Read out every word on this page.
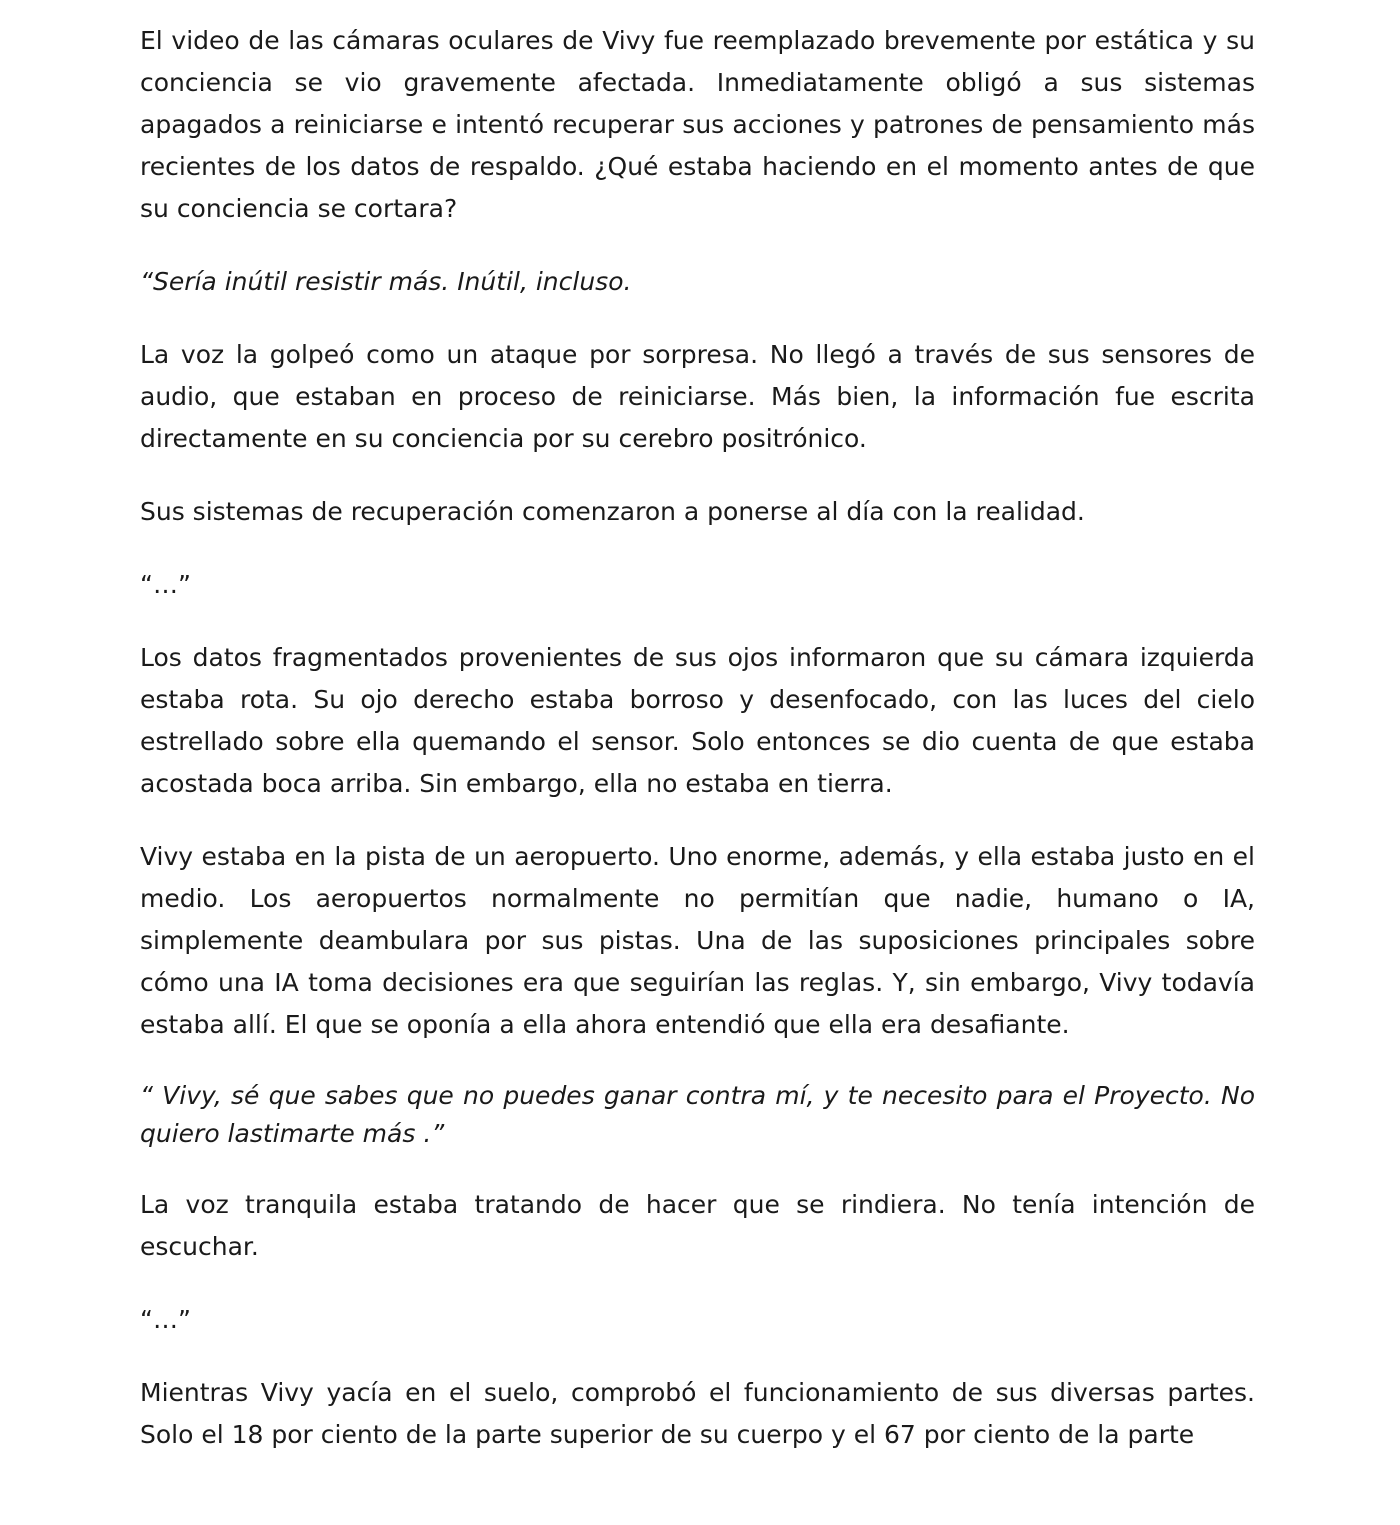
El video de las cámaras oculares de Vivy fue reemplazado brevemente por estática y su conciencia se vio gravemente afectada. Inmediatamente obligó a sus sistemas apagados a reiniciarse e intentó recuperar sus acciones y patrones de pensamiento más recientes de los datos de respaldo. ¿Qué estaba haciendo en el momento antes de que su conciencia se cortara?

“Sería inútil resistir más. Inútil, incluso.

La voz la golpeó como un ataque por sorpresa. No llegó a través de sus sensores de audio, que estaban en proceso de reiniciarse. Más bien, la información fue escrita directamente en su conciencia por su cerebro positrónico.

Sus sistemas de recuperación comenzaron a ponerse al día con la realidad.

“…”

Los datos fragmentados provenientes de sus ojos informaron que su cámara izquierda estaba rota. Su ojo derecho estaba borroso y desenfocado, con las luces del cielo estrellado sobre ella quemando el sensor. Solo entonces se dio cuenta de que estaba acostada boca arriba. Sin embargo, ella no estaba en tierra.

Vivy estaba en la pista de un aeropuerto. Uno enorme, además, y ella estaba justo en el medio. Los aeropuertos normalmente no permitían que nadie, humano o IA, simplemente deambulara por sus pistas. Una de las suposiciones principales sobre cómo una IA toma decisiones era que seguirían las reglas. Y, sin embargo, Vivy todavía estaba allí. El que se oponía a ella ahora entendió que ella era desafiante.

“ Vivy, sé que sabes que no puedes ganar contra mí, y te necesito para el Proyecto. No quiero lastimarte más .”

La voz tranquila estaba tratando de hacer que se rindiera. No tenía intención de escuchar.

“…”

Mientras Vivy yacía en el suelo, comprobó el funcionamiento de sus diversas partes. Solo el 18 por ciento de la parte superior de su cuerpo y el 67 por ciento de la parte
